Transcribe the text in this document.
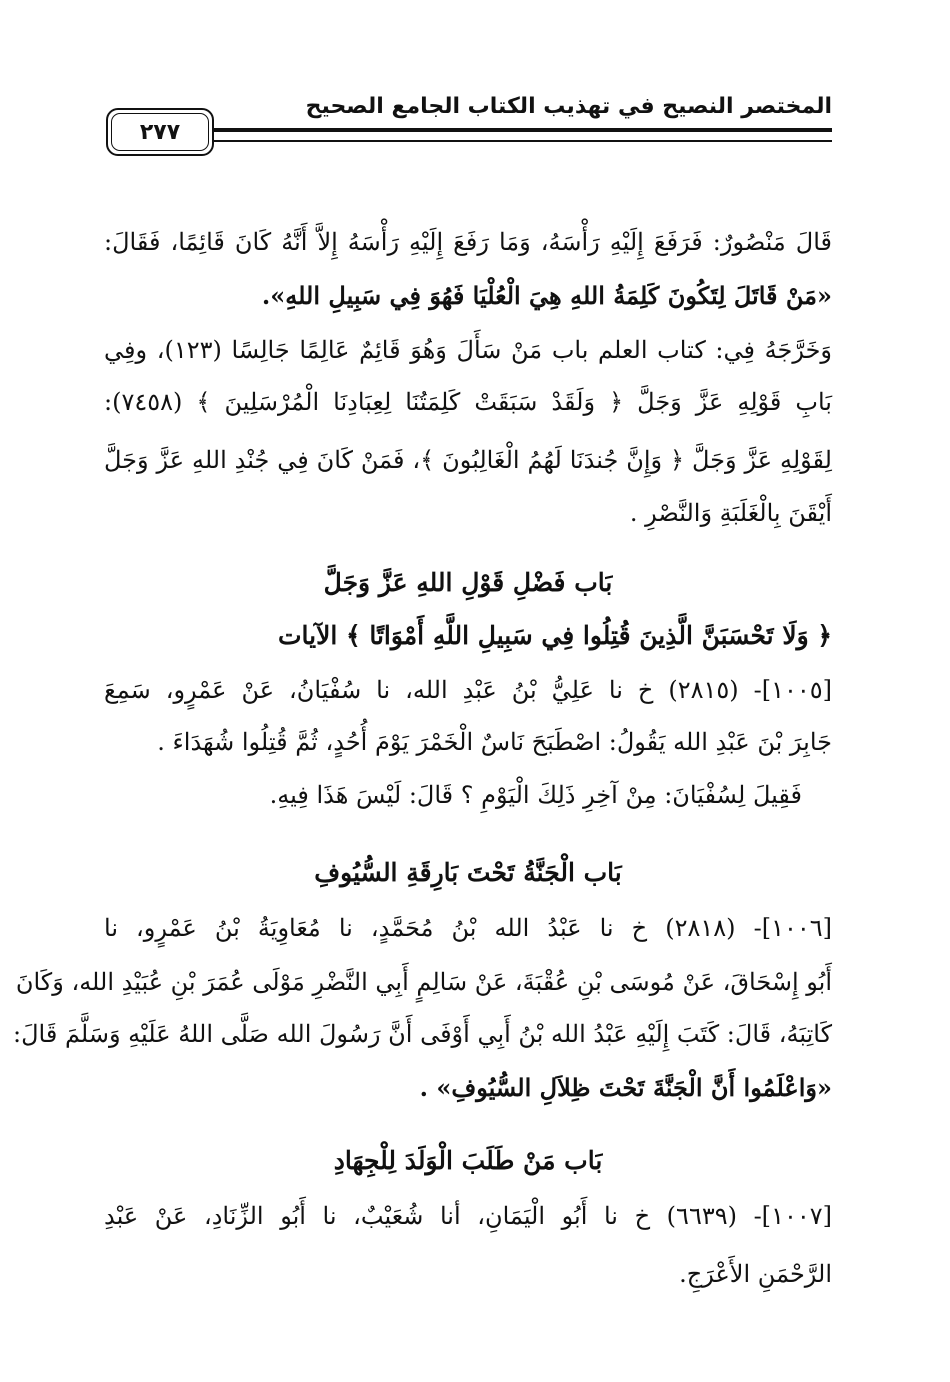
المختصر النصيح في تهذيب الكتاب الجامع الصحيح
٢٧٧
قَالَ مَنْصُورٌ: فَرَفَعَ إِلَيْهِ رَأْسَهُ، وَمَا رَفَعَ إِلَيْهِ رَأْسَهُ إِلاَّ أَنَّهُ كَانَ قَائِمًا، فَقَالَ:
«مَنْ قَاتَلَ لِتَكُونَ كَلِمَةُ اللهِ هِيَ الْعُلْيَا فَهُوَ فِي سَبِيلِ اللهِ».
وَخَرَّجَهُ فِي: كتاب العلم باب مَنْ سَأَلَ وَهُوَ قَائِمٌ عَالِمًا جَالِسًا (١٢٣)، وفِي
بَابِ قَوْلِهِ عَزَّ وَجَلَّ ﴿ وَلَقَدْ سَبَقَتْ كَلِمَتُنَا لِعِبَادِنَا الْمُرْسَلِينَ ﴾ (٧٤٥٨):
لِقَوْلِهِ عَزَّ وَجَلَّ ﴿ وَإِنَّ جُندَنَا لَهُمُ الْغَالِبُونَ ﴾، فَمَنْ كَانَ فِي جُنْدِ اللهِ عَزَّ وَجَلَّ
أَيْقَنَ بِالْغَلَبَةِ وَالنَّصْرِ .
بَاب فَضْلِ قَوْلِ اللهِ عَزَّ وَجَلَّ
﴿ وَلَا تَحْسَبَنَّ الَّذِينَ قُتِلُوا فِي سَبِيلِ اللَّهِ أَمْوَاتًا ﴾ الآيات
[١٠٠٥]- (٢٨١٥) خ نا عَلِيُّ بْنُ عَبْدِ الله، نا سُفْيَانُ، عَنْ عَمْرٍو، سَمِعَ
جَابِرَ بْنَ عَبْدِ الله يَقُولُ: اصْطَبَحَ نَاسٌ الْخَمْرَ يَوْمَ أُحُدٍ، ثُمَّ قُتِلُوا شُهَدَاءَ .
فَقِيلَ لِسُفْيَانَ: مِنْ آخِرِ ذَلِكَ الْيَوْمِ ؟ قَالَ: لَيْسَ هَذَا فِيهِ.
بَاب الْجَنَّةُ تَحْتَ بَارِقَةِ السُّيُوفِ
[١٠٠٦]- (٢٨١٨) خ نا عَبْدُ الله بْنُ مُحَمَّدٍ، نا مُعَاوِيَةُ بْنُ عَمْرٍو، نا
أَبُو إِسْحَاقَ، عَنْ مُوسَى بْنِ عُقْبَةَ، عَنْ سَالِمٍ أَبِي النَّضْرِ مَوْلَى عُمَرَ بْنِ عُبَيْدِ الله، وَكَانَ
كَاتِبَهُ، قَالَ: كَتَبَ إِلَيْهِ عَبْدُ الله بْنُ أَبِي أَوْفَى أَنَّ رَسُولَ الله صَلَّى اللهُ عَلَيْهِ وَسَلَّمَ قَالَ:
«وَاعْلَمُوا أَنَّ الْجَنَّةَ تَحْتَ ظِلاَلِ السُّيُوفِ» .
بَاب مَنْ طَلَبَ الْوَلَدَ لِلْجِهَادِ
[١٠٠٧]- (٦٦٣٩) خ نا أَبُو الْيَمَانِ، أنا شُعَيْبٌ، نا أَبُو الزِّنَادِ، عَنْ عَبْدِ
الرَّحْمَنِ الأَعْرَجِ.
